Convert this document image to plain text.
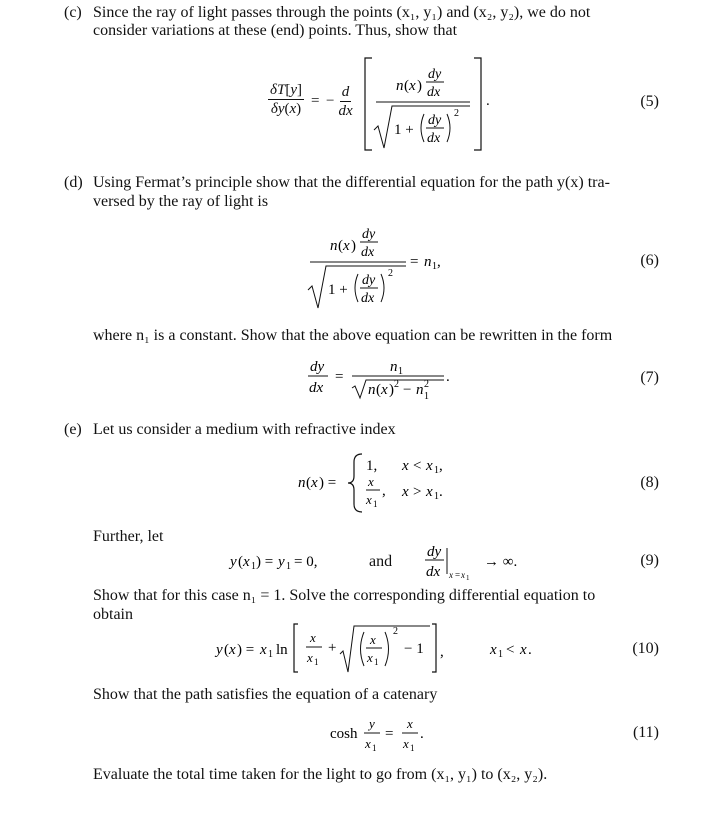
(c) Since the ray of light passes through the points (x₁, y₁) and (x₂, y₂), we do not
consider variations at these (end) points. Thus, show that
$\frac{\delta T[y]}{\delta y(x)}$ = − $\frac{d}{dx}$	n ( x )
dy
dx
1 +
dy
dx
2
.	(5)
(d) Using Fermat’s principle show that the differential equation for the path y(x) tra-
versed by the ray of light is
n ( x )
dy
dx
1 +
dy
dx
2
= n 1 ,	(6)
where n₁ is a constant. Show that the above equation can be rewritten in the form
dy
dx
=
n 1
n ( x ) 2 − n 2
1
.	(7)
(e) Let us consider a medium with refractive index
n ( x ) =
1, x < x 1 ,
x
x 1
, x > x 1 .
(8)
Further, let
y ( x 1 ) = y 1 = 0,	and
dy
dx x = x 1
→ ∞.	(9)
Show that for this case n₁ = 1. Solve the corresponding differential equation to
obtain
y ( x ) = x 1 ln
x
x 1
+
x
x 1
2
− 1 ,	x 1 < x .	(10)
Show that the path satisfies the equation of a catenary
cosh
y
x 1
=
x
x 1
.	(11)
Evaluate the total time taken for the light to go from (x₁, y₁) to (x₂, y₂).
